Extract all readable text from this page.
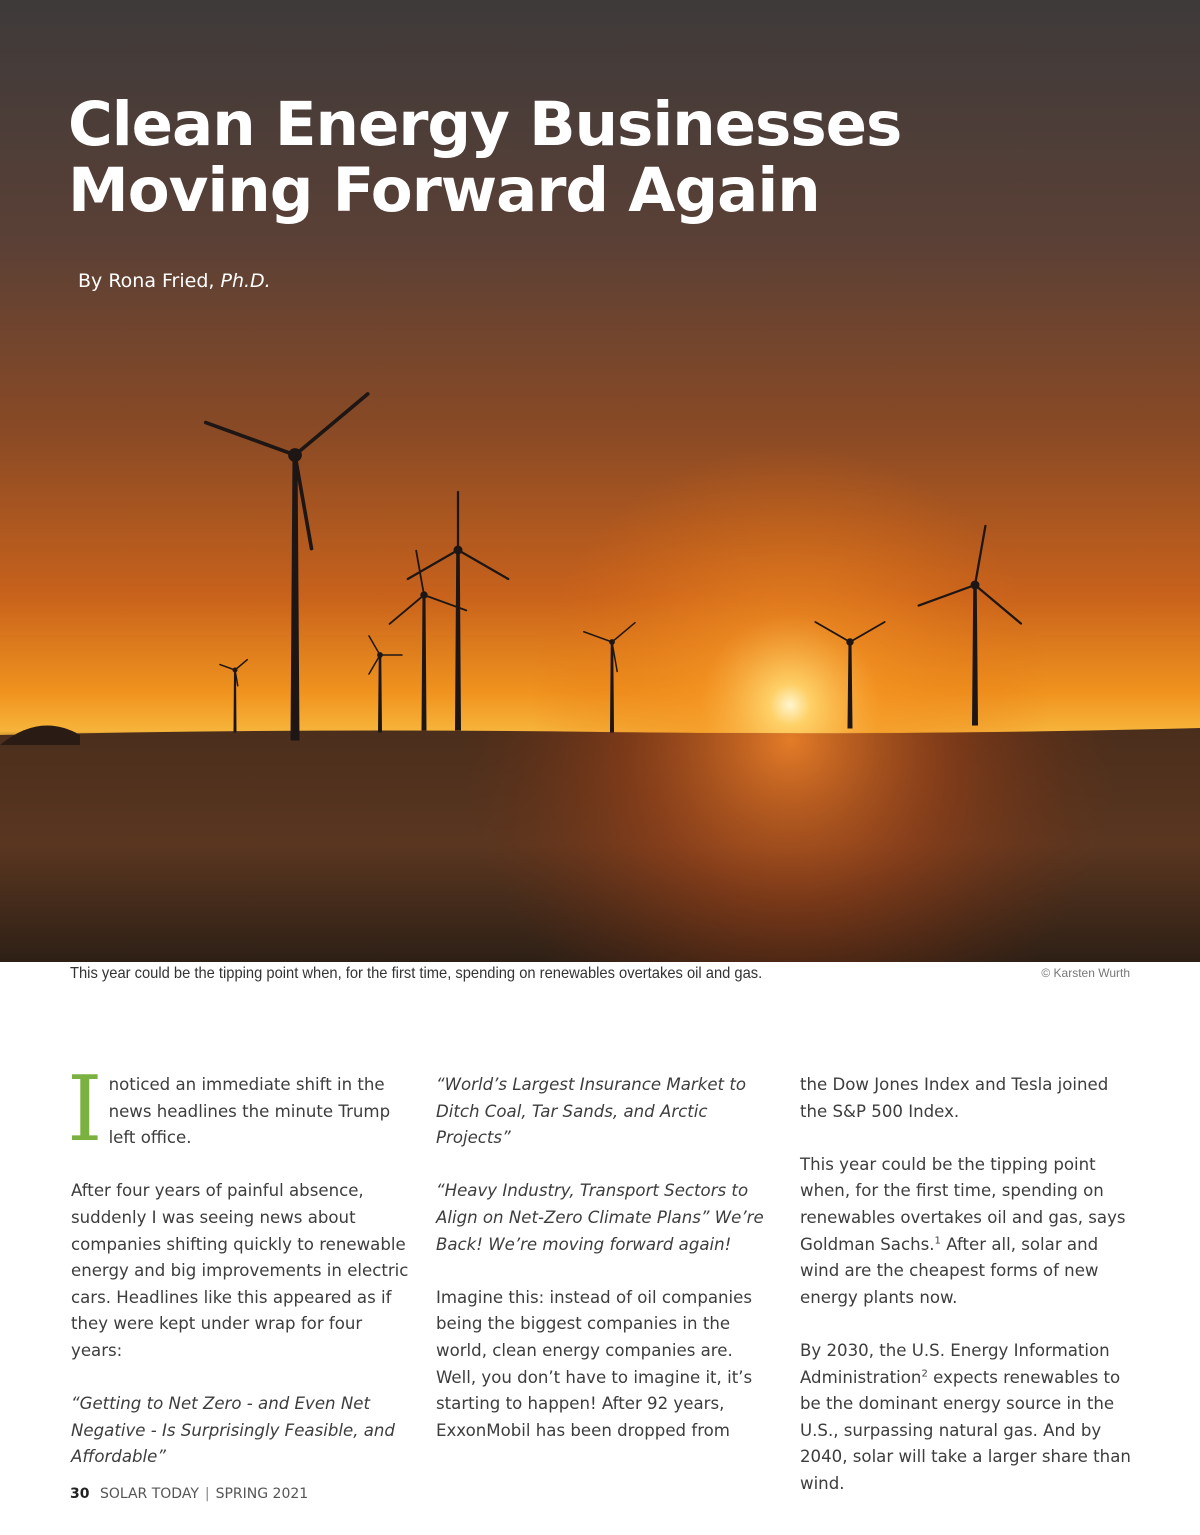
Clean Energy Businesses
Moving Forward Again
By Rona Fried, Ph.D.
This year could be the tipping point when, for the first time, spending on renewables overtakes oil and gas.	© Karsten Wurth

Inoticed an immediate shift in the news headlines the minute Trump left office.

After four years of painful absence, suddenly I was seeing news about companies shifting quickly to renewable energy and big improvements in electric cars. Headlines like this appeared as if they were kept under wrap for four years:

“Getting to Net Zero - and Even Net Negative - Is Surprisingly Feasible, and Affordable”

“World’s Largest Insurance Market to Ditch Coal, Tar Sands, and Arctic Projects”

“Heavy Industry, Transport Sectors to Align on Net-Zero Climate Plans” We’re Back! We’re moving forward again!

Imagine this: instead of oil companies being the biggest companies in the world, clean energy companies are. Well, you don’t have to imagine it, it’s starting to happen! After 92 years, ExxonMobil has been dropped from

the Dow Jones Index and Tesla joined the S&P 500 Index.

This year could be the tipping point when, for the first time, spending on renewables overtakes oil and gas, says Goldman Sachs.$^1$ After all, solar and wind are the cheapest forms of new energy plants now.

By 2030, the U.S. Energy Information Administration$^2$ expects renewables to be the dominant energy source in the U.S., surpassing natural gas. And by 2040, solar will take a larger share than wind.

30 SOLAR TODAY | SPRING 2021
